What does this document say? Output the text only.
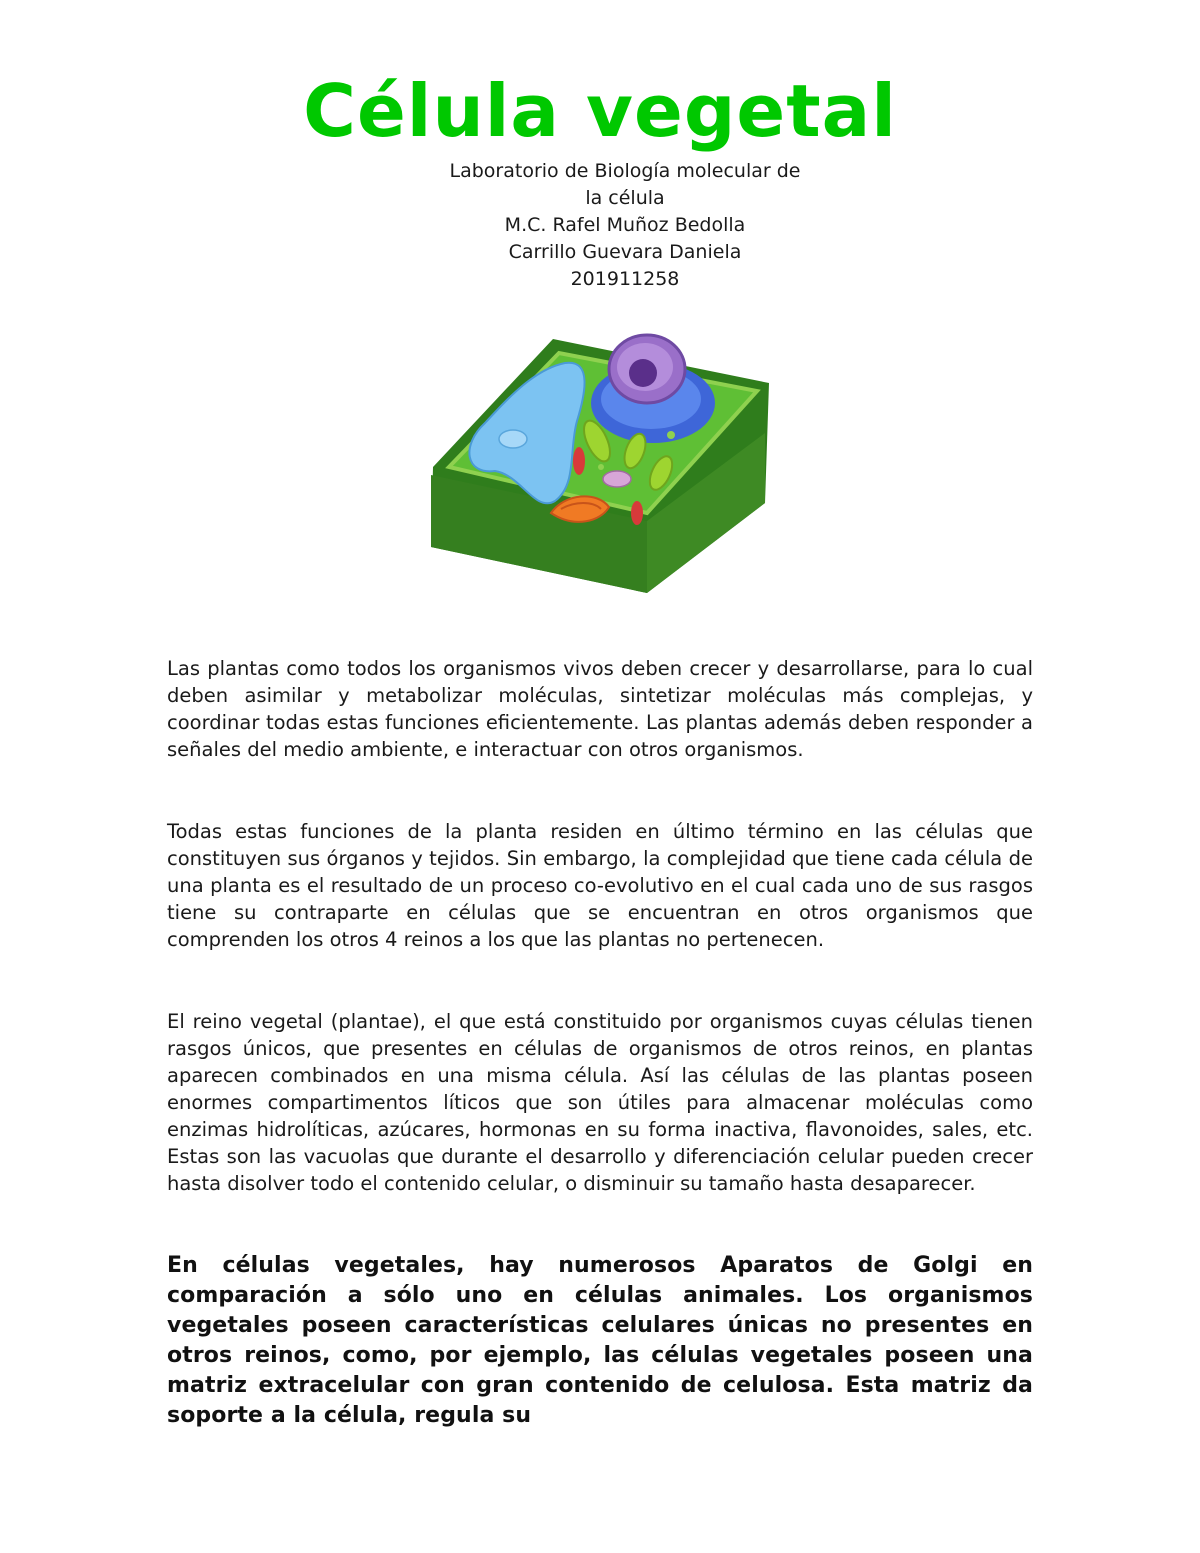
Célula vegetal
Laboratorio de Biología molecular de
la célula
M.C. Rafel Muñoz Bedolla
Carrillo Guevara Daniela
201911258

Las plantas como todos los organismos vivos deben crecer y desarrollarse, para lo cual deben asimilar y metabolizar moléculas, sintetizar moléculas más complejas, y coordinar todas estas funciones eficientemente. Las plantas además deben responder a señales del medio ambiente, e interactuar con otros organismos.

Todas estas funciones de la planta residen en último término en las células que constituyen sus órganos y tejidos. Sin embargo, la complejidad que tiene cada célula de una planta es el resultado de un proceso co-evolutivo en el cual cada uno de sus rasgos tiene su contraparte en células que se encuentran en otros organismos que comprenden los otros 4 reinos a los que las plantas no pertenecen.

El reino vegetal (plantae), el que está constituido por organismos cuyas células tienen rasgos únicos, que presentes en células de organismos de otros reinos, en plantas aparecen combinados en una misma célula. Así las células de las plantas poseen enormes compartimentos líticos que son útiles para almacenar moléculas como enzimas hidrolíticas, azúcares, hormonas en su forma inactiva, flavonoides, sales, etc. Estas son las vacuolas que durante el desarrollo y diferenciación celular pueden crecer hasta disolver todo el contenido celular, o disminuir su tamaño hasta desaparecer.

En células vegetales, hay numerosos Aparatos de Golgi en comparación a sólo uno en células animales. Los organismos vegetales poseen características celulares únicas no presentes en otros reinos, como, por ejemplo, las células vegetales poseen una matriz extracelular con gran contenido de celulosa. Esta matriz da soporte a la célula, regula su
